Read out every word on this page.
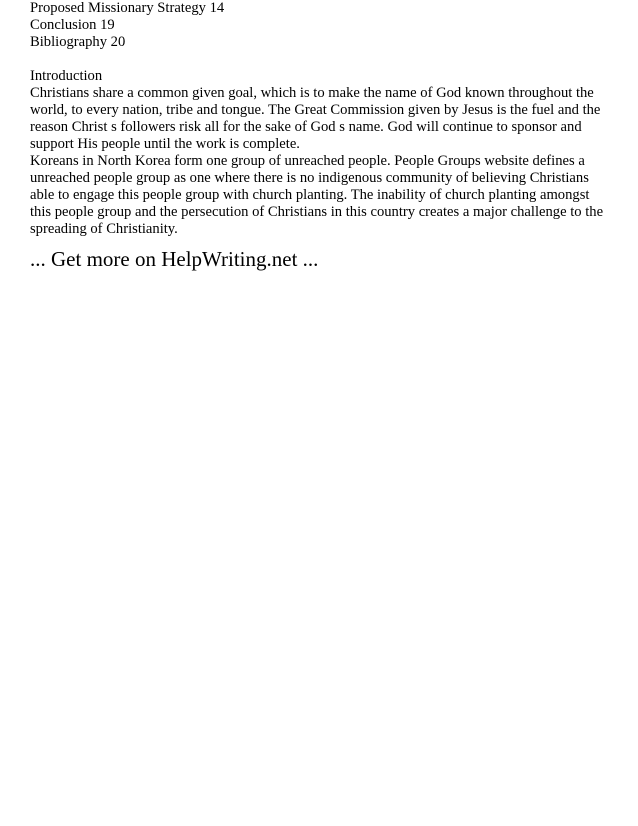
Proposed Missionary Strategy 14
Conclusion 19
Bibliography 20
Introduction
Christians share a common given goal, which is to make the name of God known throughout the world, to every nation, tribe and tongue. The Great Commission given by Jesus is the fuel and the reason Christ s followers risk all for the sake of God s name. God will continue to sponsor and support His people until the work is complete.
Koreans in North Korea form one group of unreached people. People Groups website defines a unreached people group as one where there is no indigenous community of believing Christians able to engage this people group with church planting. The inability of church planting amongst this people group and the persecution of Christians in this country creates a major challenge to the spreading of Christianity.
... Get more on HelpWriting.net ...
